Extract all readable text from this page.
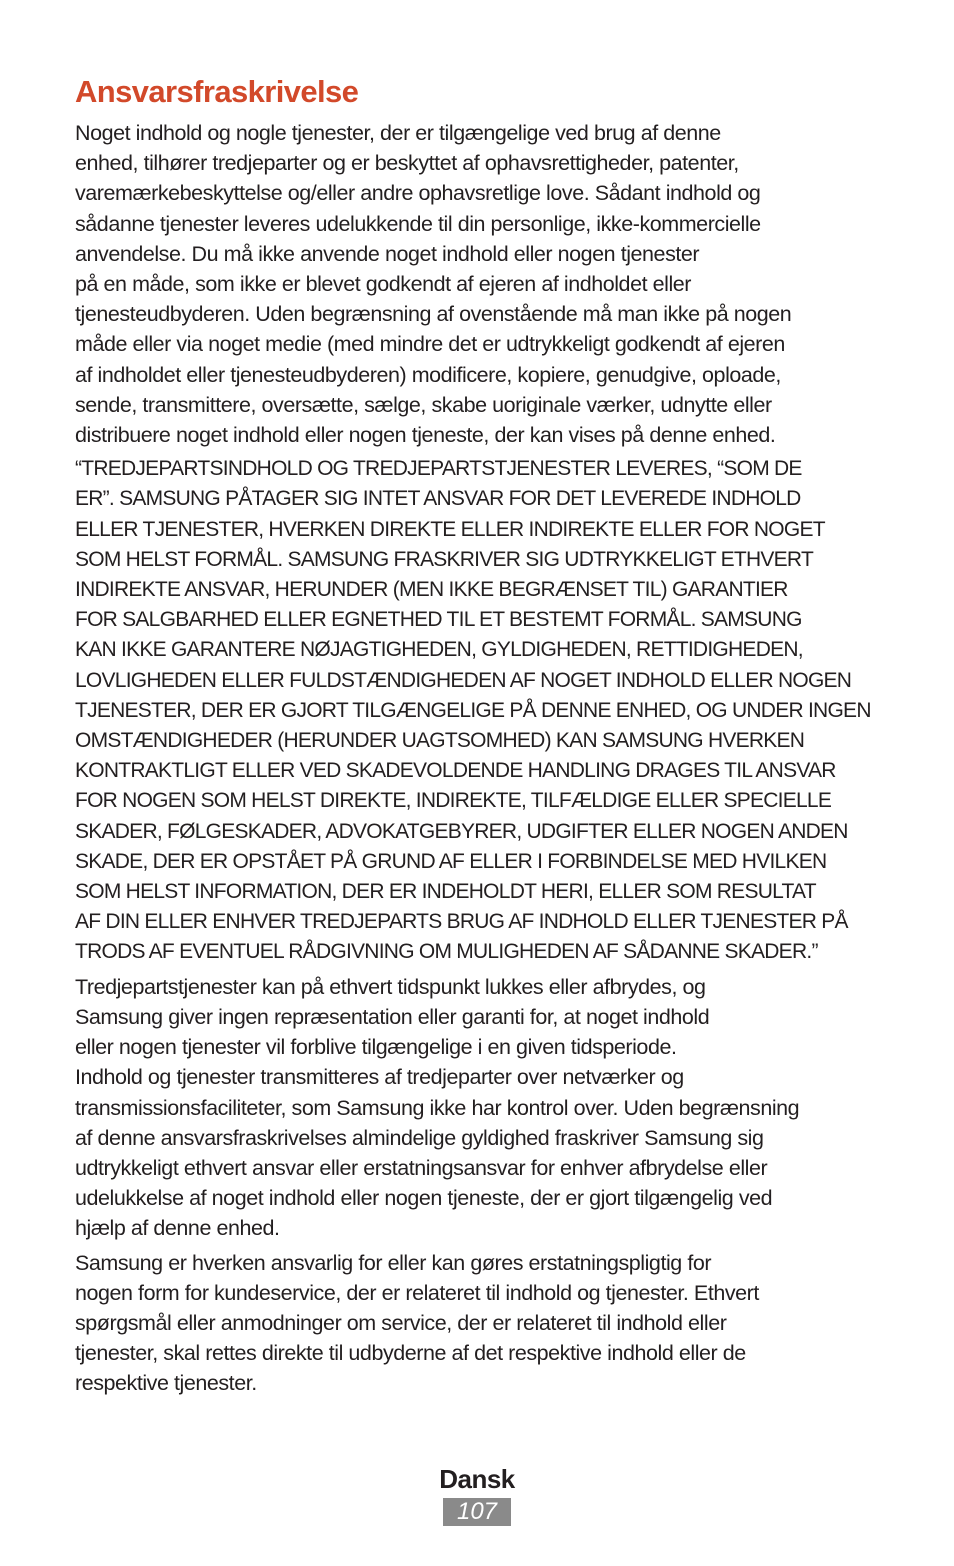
Ansvarsfraskrivelse

Noget indhold og nogle tjenester, der er tilgængelige ved brug af denne
enhed, tilhører tredjeparter og er beskyttet af ophavsrettigheder, patenter,
varemærkebeskyttelse og/eller andre ophavsretlige love. Sådant indhold og
sådanne tjenester leveres udelukkende til din personlige, ikke-kommercielle
anvendelse. Du må ikke anvende noget indhold eller nogen tjenester
på en måde, som ikke er blevet godkendt af ejeren af indholdet eller
tjenesteudbyderen. Uden begrænsning af ovenstående må man ikke på nogen
måde eller via noget medie (med mindre det er udtrykkeligt godkendt af ejeren
af indholdet eller tjenesteudbyderen) modificere, kopiere, genudgive, oploade,
sende, transmittere, oversætte, sælge, skabe uoriginale værker, udnytte eller
distribuere noget indhold eller nogen tjeneste, der kan vises på denne enhed.

“TREDJEPARTSINDHOLD OG TREDJEPARTSTJENESTER LEVERES, “SOM DE
ER”. SAMSUNG PÅTAGER SIG INTET ANSVAR FOR DET LEVEREDE INDHOLD
ELLER TJENESTER, HVERKEN DIREKTE ELLER INDIREKTE ELLER FOR NOGET
SOM HELST FORMÅL. SAMSUNG FRASKRIVER SIG UDTRYKKELIGT ETHVERT
INDIREKTE ANSVAR, HERUNDER (MEN IKKE BEGRÆNSET TIL) GARANTIER
FOR SALGBARHED ELLER EGNETHED TIL ET BESTEMT FORMÅL. SAMSUNG
KAN IKKE GARANTERE NØJAGTIGHEDEN, GYLDIGHEDEN, RETTIDIGHEDEN,
LOVLIGHEDEN ELLER FULDSTÆNDIGHEDEN AF NOGET INDHOLD ELLER NOGEN
TJENESTER, DER ER GJORT TILGÆNGELIGE PÅ DENNE ENHED, OG UNDER INGEN
OMSTÆNDIGHEDER (HERUNDER UAGTSOMHED) KAN SAMSUNG HVERKEN
KONTRAKTLIGT ELLER VED SKADEVOLDENDE HANDLING DRAGES TIL ANSVAR
FOR NOGEN SOM HELST DIREKTE, INDIREKTE, TILFÆLDIGE ELLER SPECIELLE
SKADER, FØLGESKADER, ADVOKATGEBYRER, UDGIFTER ELLER NOGEN ANDEN
SKADE, DER ER OPSTÅET PÅ GRUND AF ELLER I FORBINDELSE MED HVILKEN
SOM HELST INFORMATION, DER ER INDEHOLDT HERI, ELLER SOM RESULTAT
AF DIN ELLER ENHVER TREDJEPARTS BRUG AF INDHOLD ELLER TJENESTER PÅ
TRODS AF EVENTUEL RÅDGIVNING OM MULIGHEDEN AF SÅDANNE SKADER.”

Tredjepartstjenester kan på ethvert tidspunkt lukkes eller afbrydes, og
Samsung giver ingen repræsentation eller garanti for, at noget indhold
eller nogen tjenester vil forblive tilgængelige i en given tidsperiode.
Indhold og tjenester transmitteres af tredjeparter over netværker og
transmissionsfaciliteter, som Samsung ikke har kontrol over. Uden begrænsning
af denne ansvarsfraskrivelses almindelige gyldighed fraskriver Samsung sig
udtrykkeligt ethvert ansvar eller erstatningsansvar for enhver afbrydelse eller
udelukkelse af noget indhold eller nogen tjeneste, der er gjort tilgængelig ved
hjælp af denne enhed.

Samsung er hverken ansvarlig for eller kan gøres erstatningspligtig for
nogen form for kundeservice, der er relateret til indhold og tjenester. Ethvert
spørgsmål eller anmodninger om service, der er relateret til indhold eller
tjenester, skal rettes direkte til udbyderne af det respektive indhold eller de
respektive tjenester.

Dansk
107
